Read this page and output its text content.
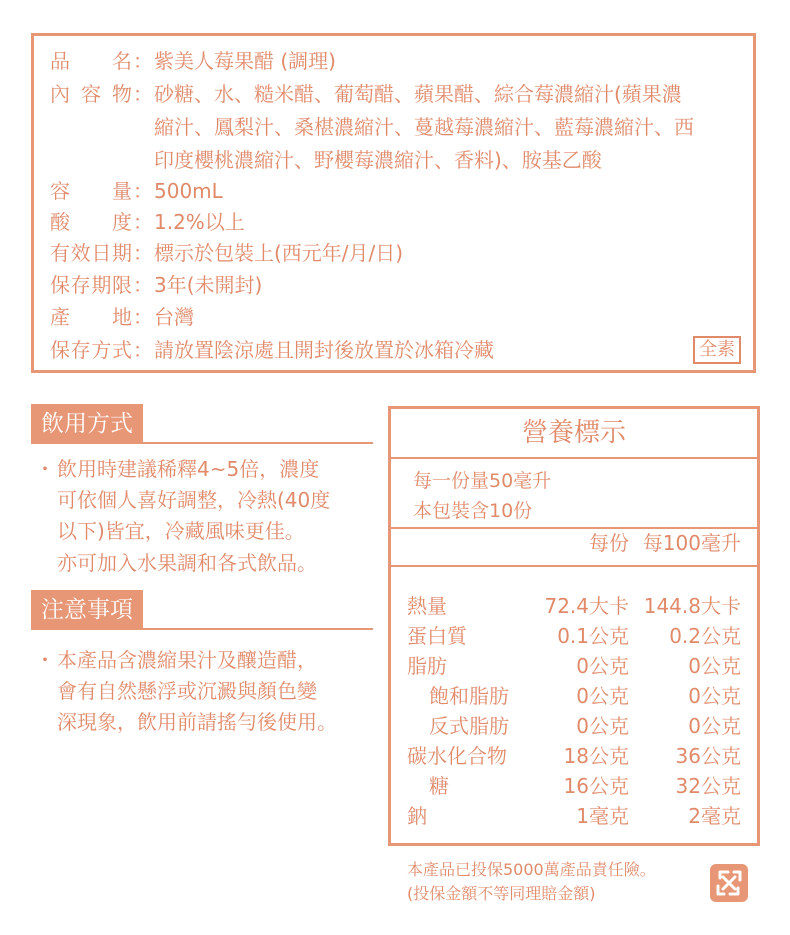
品名：紫美人莓果醋 (調理)
內容物：砂糖、水、糙米醋、葡萄醋、蘋果醋、綜合莓濃縮汁(蘋果濃
縮汁、鳳梨汁、桑椹濃縮汁、蔓越莓濃縮汁、藍莓濃縮汁、西
印度櫻桃濃縮汁、野櫻莓濃縮汁、香料)、胺基乙酸
容量：500mL
酸度：1.2%以上
有效日期：標示於包裝上(西元年/月/日)
保存期限：3年(未開封)
產地：台灣
保存方式：請放置陰涼處且開封後放置於冰箱冷藏	全素
飲用方式
・ 飲用時建議稀釋4~5倍，濃度
可依個人喜好調整，冷熱(40度
以下)皆宜，冷藏風味更佳。
亦可加入水果調和各式飲品。
注意事項
・ 本產品含濃縮果汁及釀造醋，
會有自然懸浮或沉澱與顏色變
深現象，飲用前請搖勻後使用。
營養標示
每一份量50毫升
本包裝含10份
每份 每100毫升
熱量	72.4大卡 144.8大卡
蛋白質	0.1公克 0.2公克
脂肪	0公克	0公克
飽和脂肪	0公克	0公克
反式脂肪	0公克	0公克
碳水化合物	18公克 36公克
糖	16公克 32公克
鈉	1毫克	2毫克
本產品已投保5000萬產品責任險。
(投保金額不等同理賠金額)
